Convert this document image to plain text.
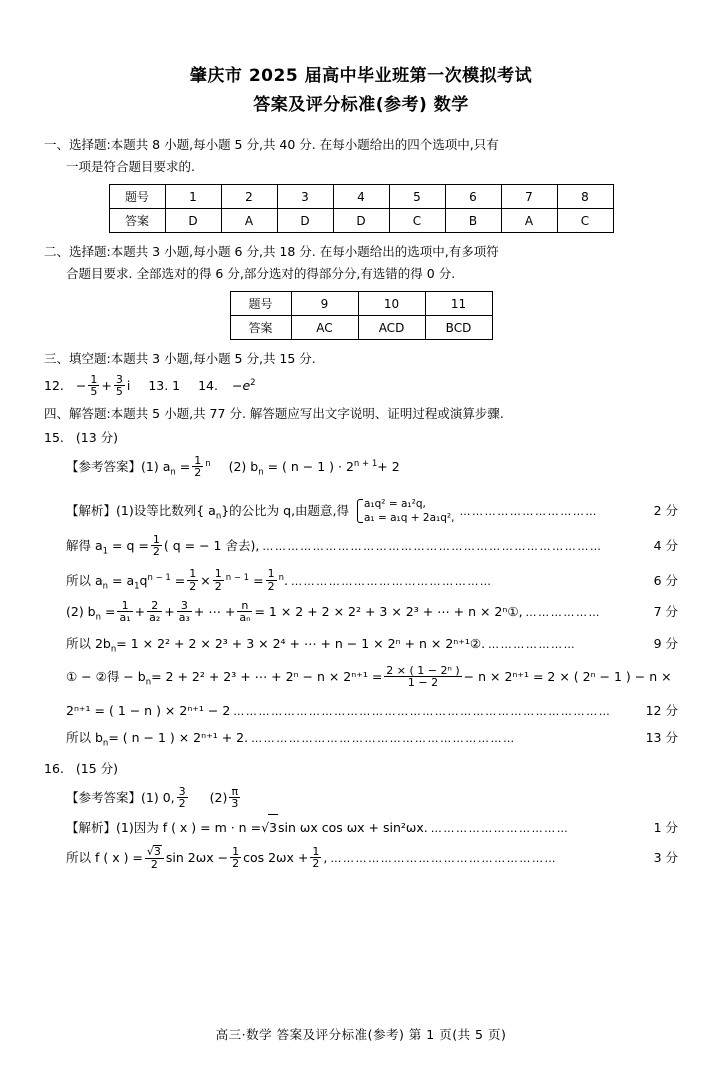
肇庆市 2025 届高中毕业班第一次模拟考试
答案及评分标准(参考) 数学
一、选择题:本题共 8 小题,每小题 5 分,共 40 分. 在每小题给出的四个选项中,只有
一项是符合题目要求的.
题号	1	2	3	4	5	6	7	8
答案	D	A	D	D	C	B	A	C
二、选择题:本题共 3 小题,每小题 6 分,共 18 分. 在每小题给出的选项中,有多项符
合题目要求. 全部选对的得 6 分,部分选对的得部分分,有选错的得 0 分.
题号	9	10	11
答案	AC	ACD	BCD
三、填空题:本题共 3 小题,每小题 5 分,共 15 分.
12. − $\frac{1}{5} + \frac{3}{5}$ i 13. 1 14. $-e^2$
四、解答题:本题共 5 小题,共 77 分. 解答题应写出文字说明、证明过程或演算步骤.
15. (13 分)
【参考答案】(1) $a_n = \frac{1}{2} ^n$ (2) $b_n$ = ( n − 1 ) · $2^{n + 1}+ 2$
【解析】(1)设等比数列{ $a_n$}的公比为 q,由题意,得 a₁q² = a₁²q,
a₁ = a₁q + 2a₁q²,
……………………………	2 分
解得 $a_1 = q = \frac{1}{2}$ ( q = − 1 舍去), ………………………………………………………………………	4 分
所以 $a_n = a_1q^{n - 1} = \frac{1}{2} \times \frac{1}{2} ^{n - 1} = \frac{1}{2} ^n$. …………………………………………	6 分
(2) $b_n = \frac{1}{\text{a₁}} + \frac{2}{\text{a₂}} + \frac{3}{\text{a₃}}$ + ⋯ + $\frac{n}{\text{aₙ}} = 1 \times 2 + 2 \times 2^2 + 3 \times 2^3$ + ⋯ + n × 2ⁿ①, ………………	7 分
所以 $2b_n= 1 \times 2^2 + 2 \times 2^3 + 3 \times 2^4$ + ⋯ + n − 1 × 2ⁿ + n × 2ⁿ⁺¹②. …………………	9 分
① − ②得 − $b_n= 2 + 2^2 + 2^3$ + ⋯ + $2^n - n \times 2^{n+1} = \frac{\text{2 × ( 1 − 2ⁿ )}}{1 - 2} - n \times 2^{n+1} = 2$ × ( 2ⁿ − 1 ) − n ×
2ⁿ⁺¹ = ( 1 − n ) × 2ⁿ⁺¹ − 2 ………………………………………………………………………………	12 分
所以 $b_n=$ ( n − 1 ) × 2ⁿ⁺¹ + 2. ………………………………………………………	13 分
16. (15 分)
【参考答案】(1) 0, $\frac{3}{2} (2) \frac{\pi}{3}$
【解析】(1)因为 f ( x ) = m · n =√3sin ωx cos ωx + sin²ωx. ……………………………	1 分
所以 f ( x ) = $\frac{√3}{2}$ $\sin 2\omega x - \frac{1}{2}$ $\cos 2\omega x + \frac{1}{2}$ , ………………………………………………	3 分
高三·数学 答案及评分标准(参考) 第 1 页(共 5 页)
